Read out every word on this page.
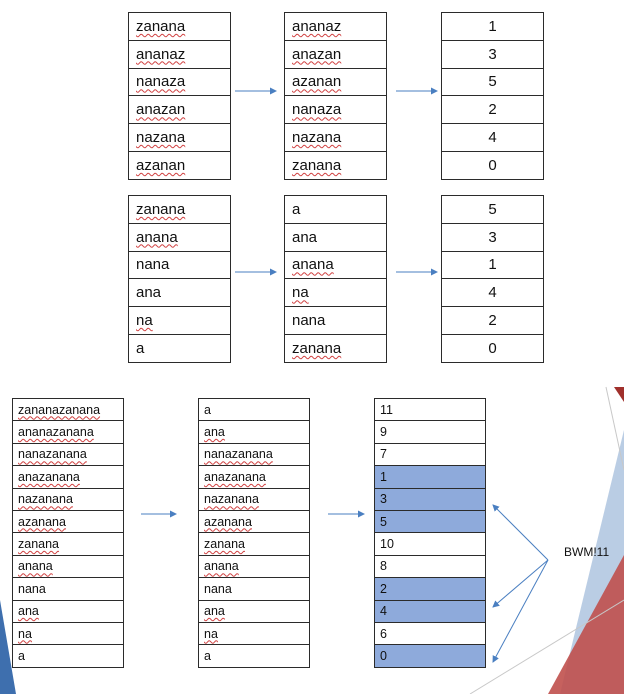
zanana
ananaz
nanaza
anazan
nazana
azanan
ananaz
anazan
azanan
nanaza
nazana
zanana
1
3
5
2
4
0
zanana
anana
nana
ana
na
a
a
ana
anana
na
nana
zanana
5
3
1
4
2
0
zananazanana
ananazanana
nanazanana
anazanana
nazanana
azanana
zanana
anana
nana
ana
na
a
a
ana
nanazanana
anazanana
nazanana
azanana
zanana
anana
nana
ana
na
a
11
9
7
1
3
5
10
8
2
4
6
0
BWM!11
